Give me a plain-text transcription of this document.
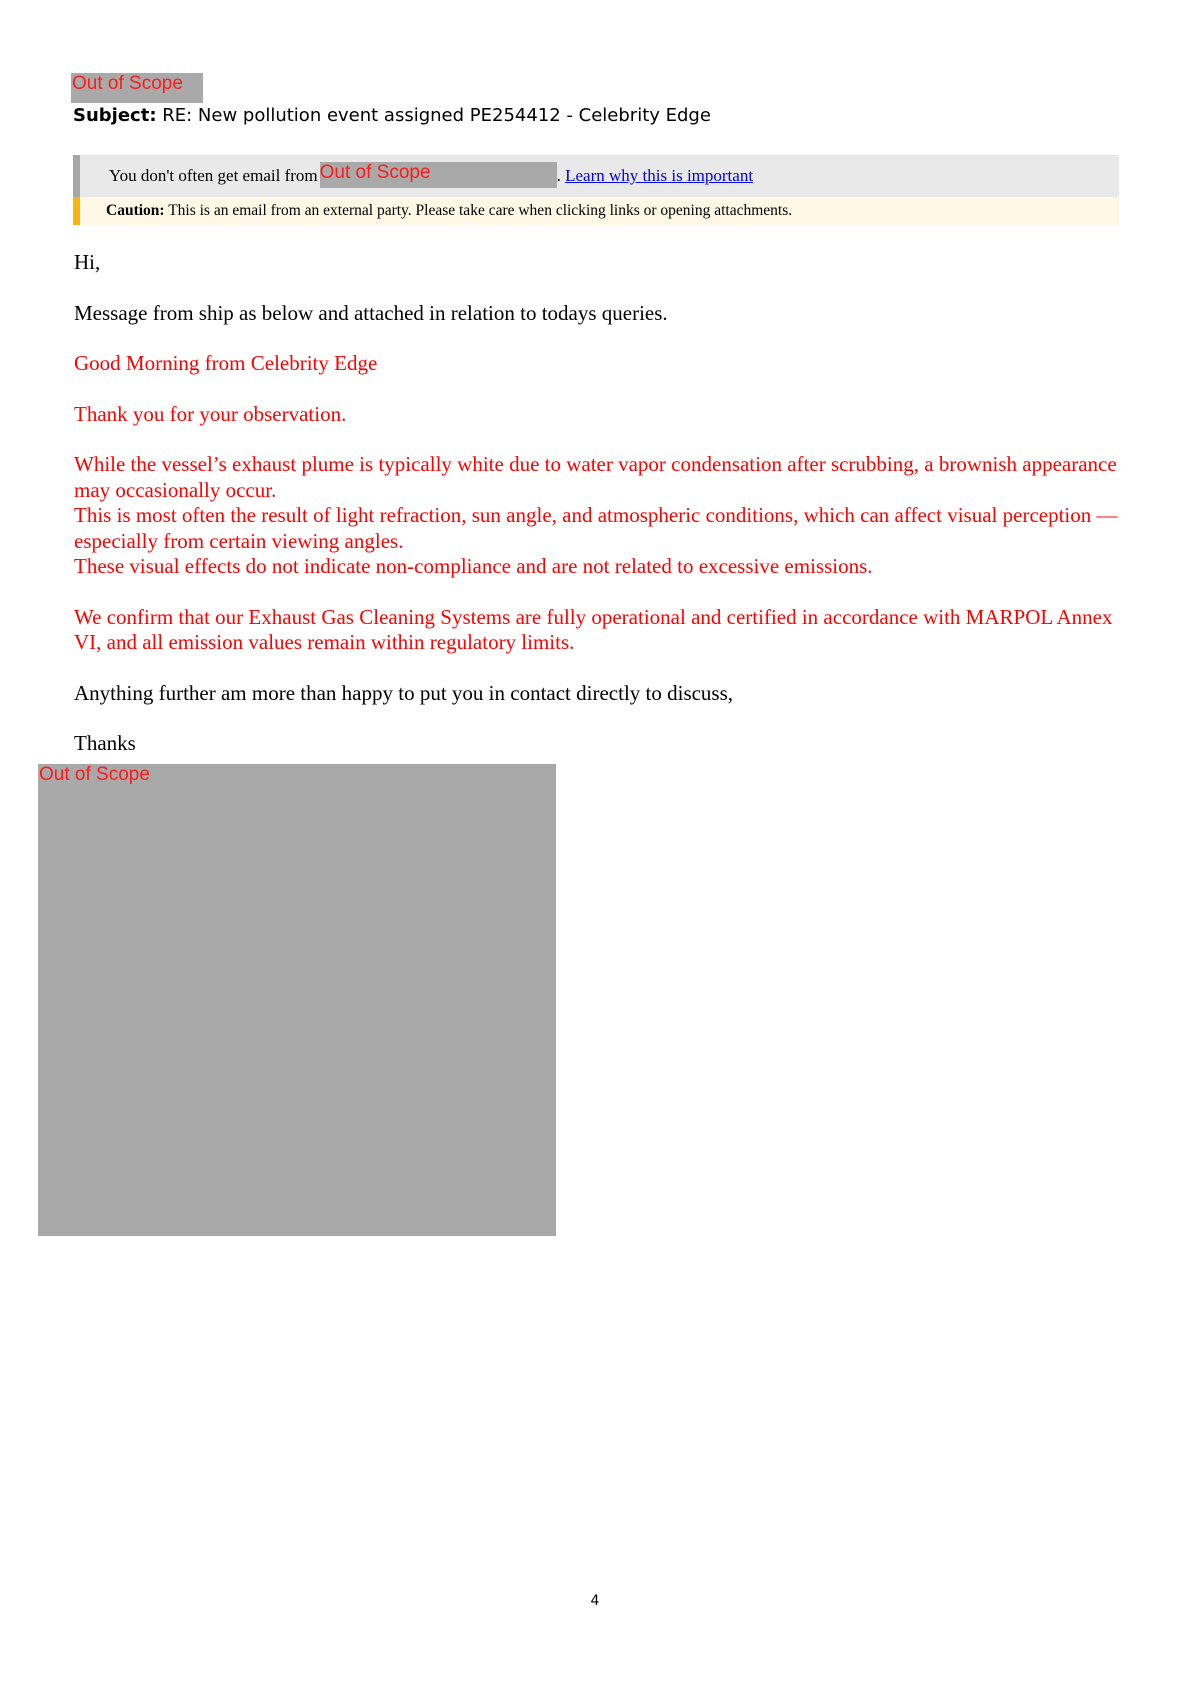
Out of Scope
Subject: RE: New pollution event assigned PE254412 - Celebrity Edge
You don't often get email from Out of Scope	. Learn why this is important
Caution: This is an email from an external party. Please take care when clicking links or opening attachments.

Hi,

Message from ship as below and attached in relation to todays queries.

Good Morning from Celebrity Edge

Thank you for your observation.

While the vessel’s exhaust plume is typically white due to water vapor condensation after scrubbing, a brownish appearance may occasionally occur.
This is most often the result of light refraction, sun angle, and atmospheric conditions, which can affect visual perception — especially from certain viewing angles.
These visual effects do not indicate non-compliance and are not related to excessive emissions.

We confirm that our Exhaust Gas Cleaning Systems are fully operational and certified in accordance with MARPOL Annex VI, and all emission values remain within regulatory limits.

Anything further am more than happy to put you in contact directly to discuss,

Thanks

Out of Scope
4
